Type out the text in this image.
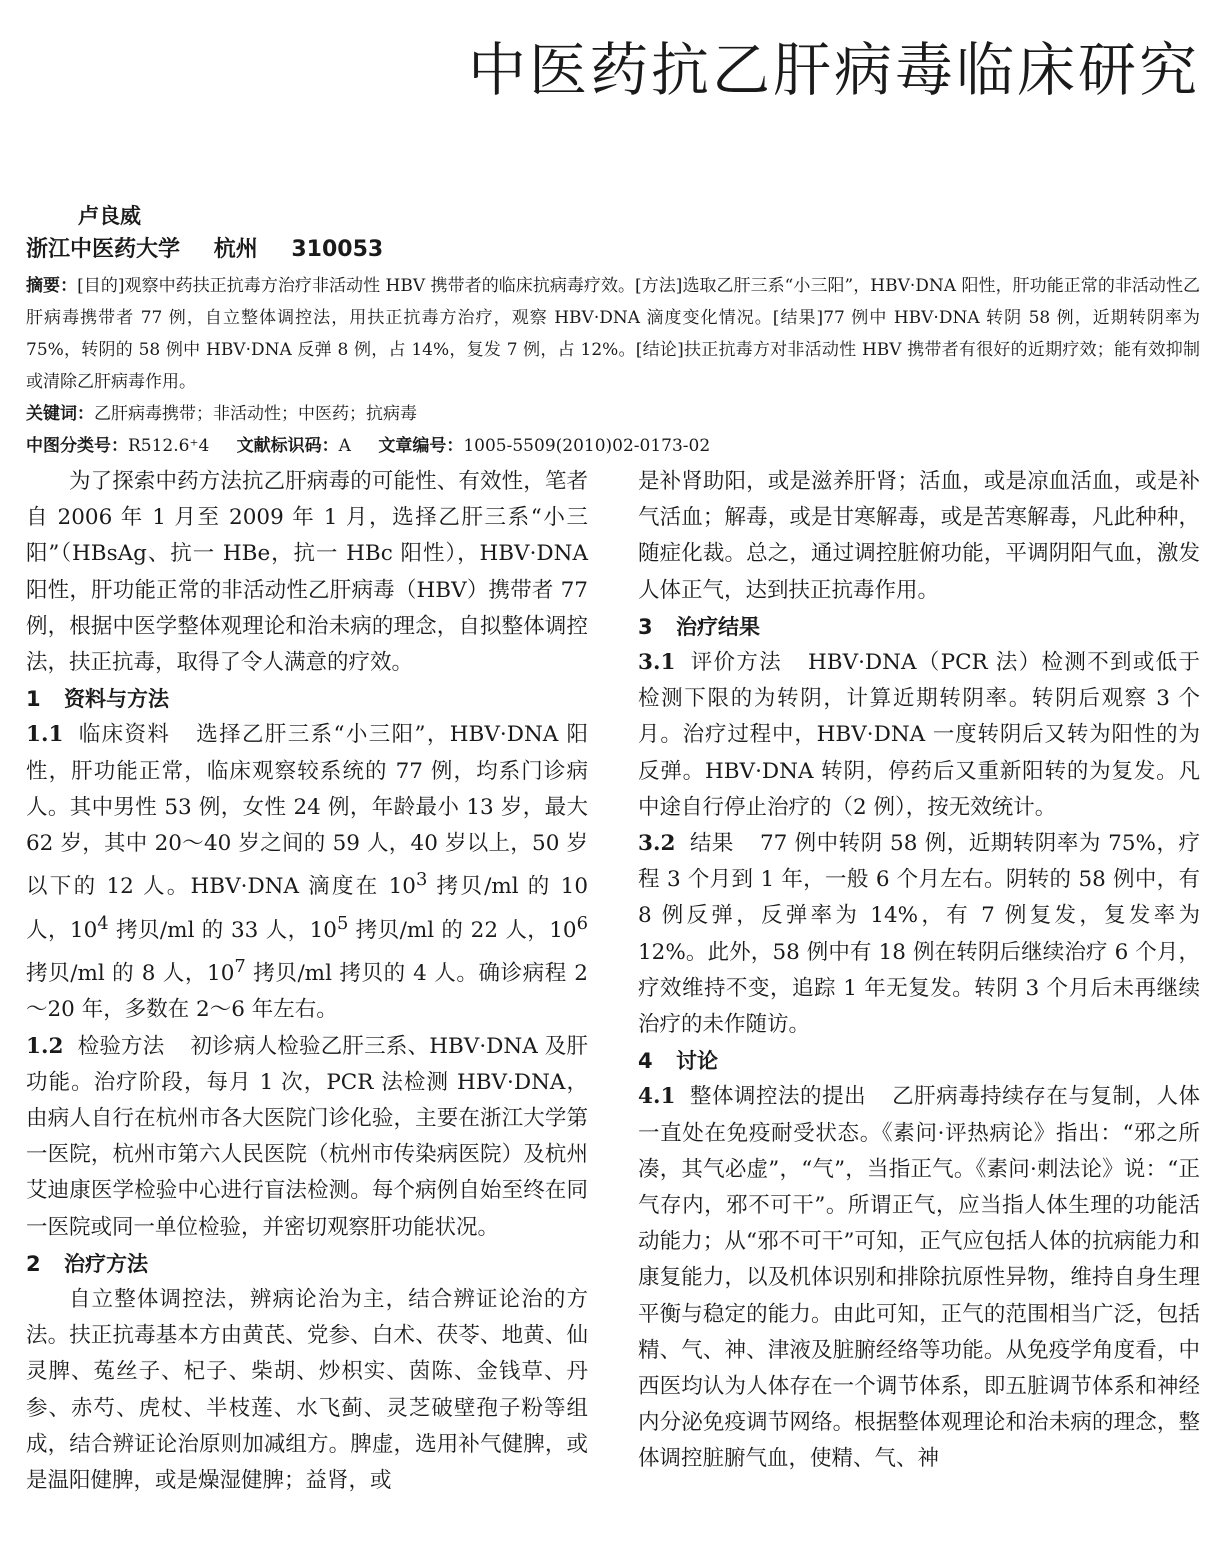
中医药抗乙肝病毒临床研究
卢良威
浙江中医药大学 杭州 310053

摘要：[目的]观察中药扶正抗毒方治疗非活动性 HBV 携带者的临床抗病毒疗效。[方法]选取乙肝三系“小三阳”，HBV·DNA 阳性，肝功能正常的非活动性乙肝病毒携带者 77 例，自立整体调控法，用扶正抗毒方治疗，观察 HBV·DNA 滴度变化情况。[结果]77 例中 HBV·DNA 转阴 58 例，近期转阴率为 75%，转阴的 58 例中 HBV·DNA 反弹 8 例，占 14%，复发 7 例，占 12%。[结论]扶正抗毒方对非活动性 HBV 携带者有很好的近期疗效；能有效抑制或清除乙肝病毒作用。

关键词：乙肝病毒携带；非活动性；中医药；抗病毒

中图分类号：R512.6⁺4 文献标识码：A 文章编号：1005-5509(2010)02-0173-02

为了探索中药方法抗乙肝病毒的可能性、有效性，笔者自 2006 年 1 月至 2009 年 1 月，选择乙肝三系“小三阳”（HBsAg、抗一 HBe，抗一 HBc 阳性），HBV·DNA 阳性，肝功能正常的非活动性乙肝病毒（HBV）携带者 77 例，根据中医学整体观理论和治未病的理念，自拟整体调控法，扶正抗毒，取得了令人满意的疗效。

1 资料与方法

1.1 临床资料 选择乙肝三系“小三阳”，HBV·DNA 阳性，肝功能正常，临床观察较系统的 77 例，均系门诊病人。其中男性 53 例，女性 24 例，年龄最小 13 岁，最大 62 岁，其中 20～40 岁之间的 59 人，40 岁以上，50 岁以下的 12 人。HBV·DNA 滴度在 $10^3$ 拷贝/ml 的 10 人，$10^4$ 拷贝/ml 的 33 人，$10^5$ 拷贝/ml 的 22 人，$10^6$ 拷贝/ml 的 8 人，$10^7$ 拷贝/ml 拷贝的 4 人。确诊病程 2～20 年，多数在 2～6 年左右。

1.2 检验方法 初诊病人检验乙肝三系、HBV·DNA 及肝功能。治疗阶段，每月 1 次，PCR 法检测 HBV·DNA，由病人自行在杭州市各大医院门诊化验，主要在浙江大学第一医院，杭州市第六人民医院（杭州市传染病医院）及杭州艾迪康医学检验中心进行盲法检测。每个病例自始至终在同一医院或同一单位检验，并密切观察肝功能状况。

2 治疗方法

自立整体调控法，辨病论治为主，结合辨证论治的方法。扶正抗毒基本方由黄芪、党参、白术、茯苓、地黄、仙灵脾、菟丝子、杞子、柴胡、炒枳实、茵陈、金钱草、丹参、赤芍、虎杖、半枝莲、水飞蓟、灵芝破壁孢子粉等组成，结合辨证论治原则加减组方。脾虚，选用补气健脾，或是温阳健脾，或是燥湿健脾；益肾，或

是补肾助阳，或是滋养肝肾；活血，或是凉血活血，或是补气活血；解毒，或是甘寒解毒，或是苦寒解毒，凡此种种，随症化裁。总之，通过调控脏俯功能，平调阴阳气血，激发人体正气，达到扶正抗毒作用。

3 治疗结果

3.1 评价方法 HBV·DNA（PCR 法）检测不到或低于检测下限的为转阴，计算近期转阴率。转阴后观察 3 个月。治疗过程中，HBV·DNA 一度转阴后又转为阳性的为反弹。HBV·DNA 转阴，停药后又重新阳转的为复发。凡中途自行停止治疗的（2 例），按无效统计。

3.2 结果 77 例中转阴 58 例，近期转阴率为 75%，疗程 3 个月到 1 年，一般 6 个月左右。阴转的 58 例中，有 8 例反弹，反弹率为 14%，有 7 例复发，复发率为 12%。此外，58 例中有 18 例在转阴后继续治疗 6 个月，疗效维持不变，追踪 1 年无复发。转阴 3 个月后未再继续治疗的未作随访。

4 讨论

4.1 整体调控法的提出 乙肝病毒持续存在与复制，人体一直处在免疫耐受状态。《素问·评热病论》指出：“邪之所凑，其气必虚”，“气”，当指正气。《素问·刺法论》说：“正气存内，邪不可干”。所谓正气，应当指人体生理的功能活动能力；从“邪不可干”可知，正气应包括人体的抗病能力和康复能力，以及机体识别和排除抗原性异物，维持自身生理平衡与稳定的能力。由此可知，正气的范围相当广泛，包括精、气、神、津液及脏腑经络等功能。从免疫学角度看，中西医均认为人体存在一个调节体系，即五脏调节体系和神经内分泌免疫调节网络。根据整体观理论和治未病的理念，整体调控脏腑气血，使精、气、神
